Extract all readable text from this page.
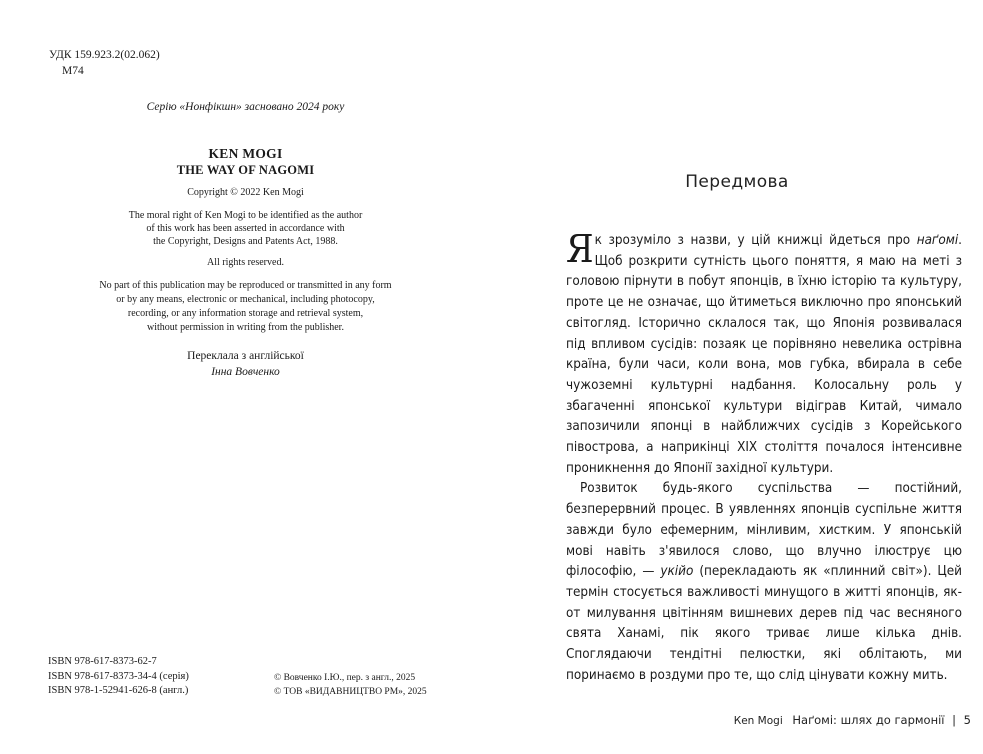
УДК 159.923.2(02.062)
М74
Серію «Нонфікшн» засновано 2024 року
KEN MOGI
THE WAY OF NAGOMI
Copyright © 2022 Ken Mogi
The moral right of Ken Mogi to be identified as the author
of this work has been asserted in accordance with
the Copyright, Designs and Patents Act, 1988.
All rights reserved.
No part of this publication may be reproduced or transmitted in any form
or by any means, electronic or mechanical, including photocopy,
recording, or any information storage and retrieval system,
without permission in writing from the publisher.
Переклала з англійської
Інна Вовченко
ISBN 978-617-8373-62-7
ISBN 978-617-8373-34-4 (серія)
ISBN 978-1-52941-626-8 (англ.)
© Вовченко І.Ю., пер. з англ., 2025
© ТОВ «ВИДАВНИЦТВО РМ», 2025
Передмова

Як зрозуміло з назви, у цій книжці йдеться про наґомі. Щоб розкрити сутність цього поняття, я маю на меті з головою пірнути в побут японців, в їхню історію та культуру, проте це не означає, що йтиметься виключно про японський світогляд. Історично склалося так, що Японія розвивалася під впливом сусідів: позаяк це порівняно невелика острівна країна, були часи, коли вона, мов губка, вбирала в себе чужоземні культурні надбання. Колосальну роль у збагаченні японської культури відіграв Китай, чимало запозичили японці в найближчих сусідів з Корейського півострова, а наприкінці XIX століття почалося інтенсивне проникнення до Японії західної культури.

Розвиток будь-якого суспільства — постійний, безперервний процес. В уявленнях японців суспільне життя завжди було ефемерним, мінливим, хистким. У японській мові навіть з'явилося слово, що влучно ілюструє цю філософію, — укійо (перекладають як «плинний світ»). Цей термін стосується важливості минущого в житті японців, як-от милування цвітінням вишневих дерев під час весняного свята Ханамі, пік якого триває лише кілька днів. Споглядаючи тендітні пелюстки, які облітають, ми поринаємо в роздуми про те, що слід цінувати кожну мить.

Кеn Mogi Наґомі: шлях до гармонії | 5
